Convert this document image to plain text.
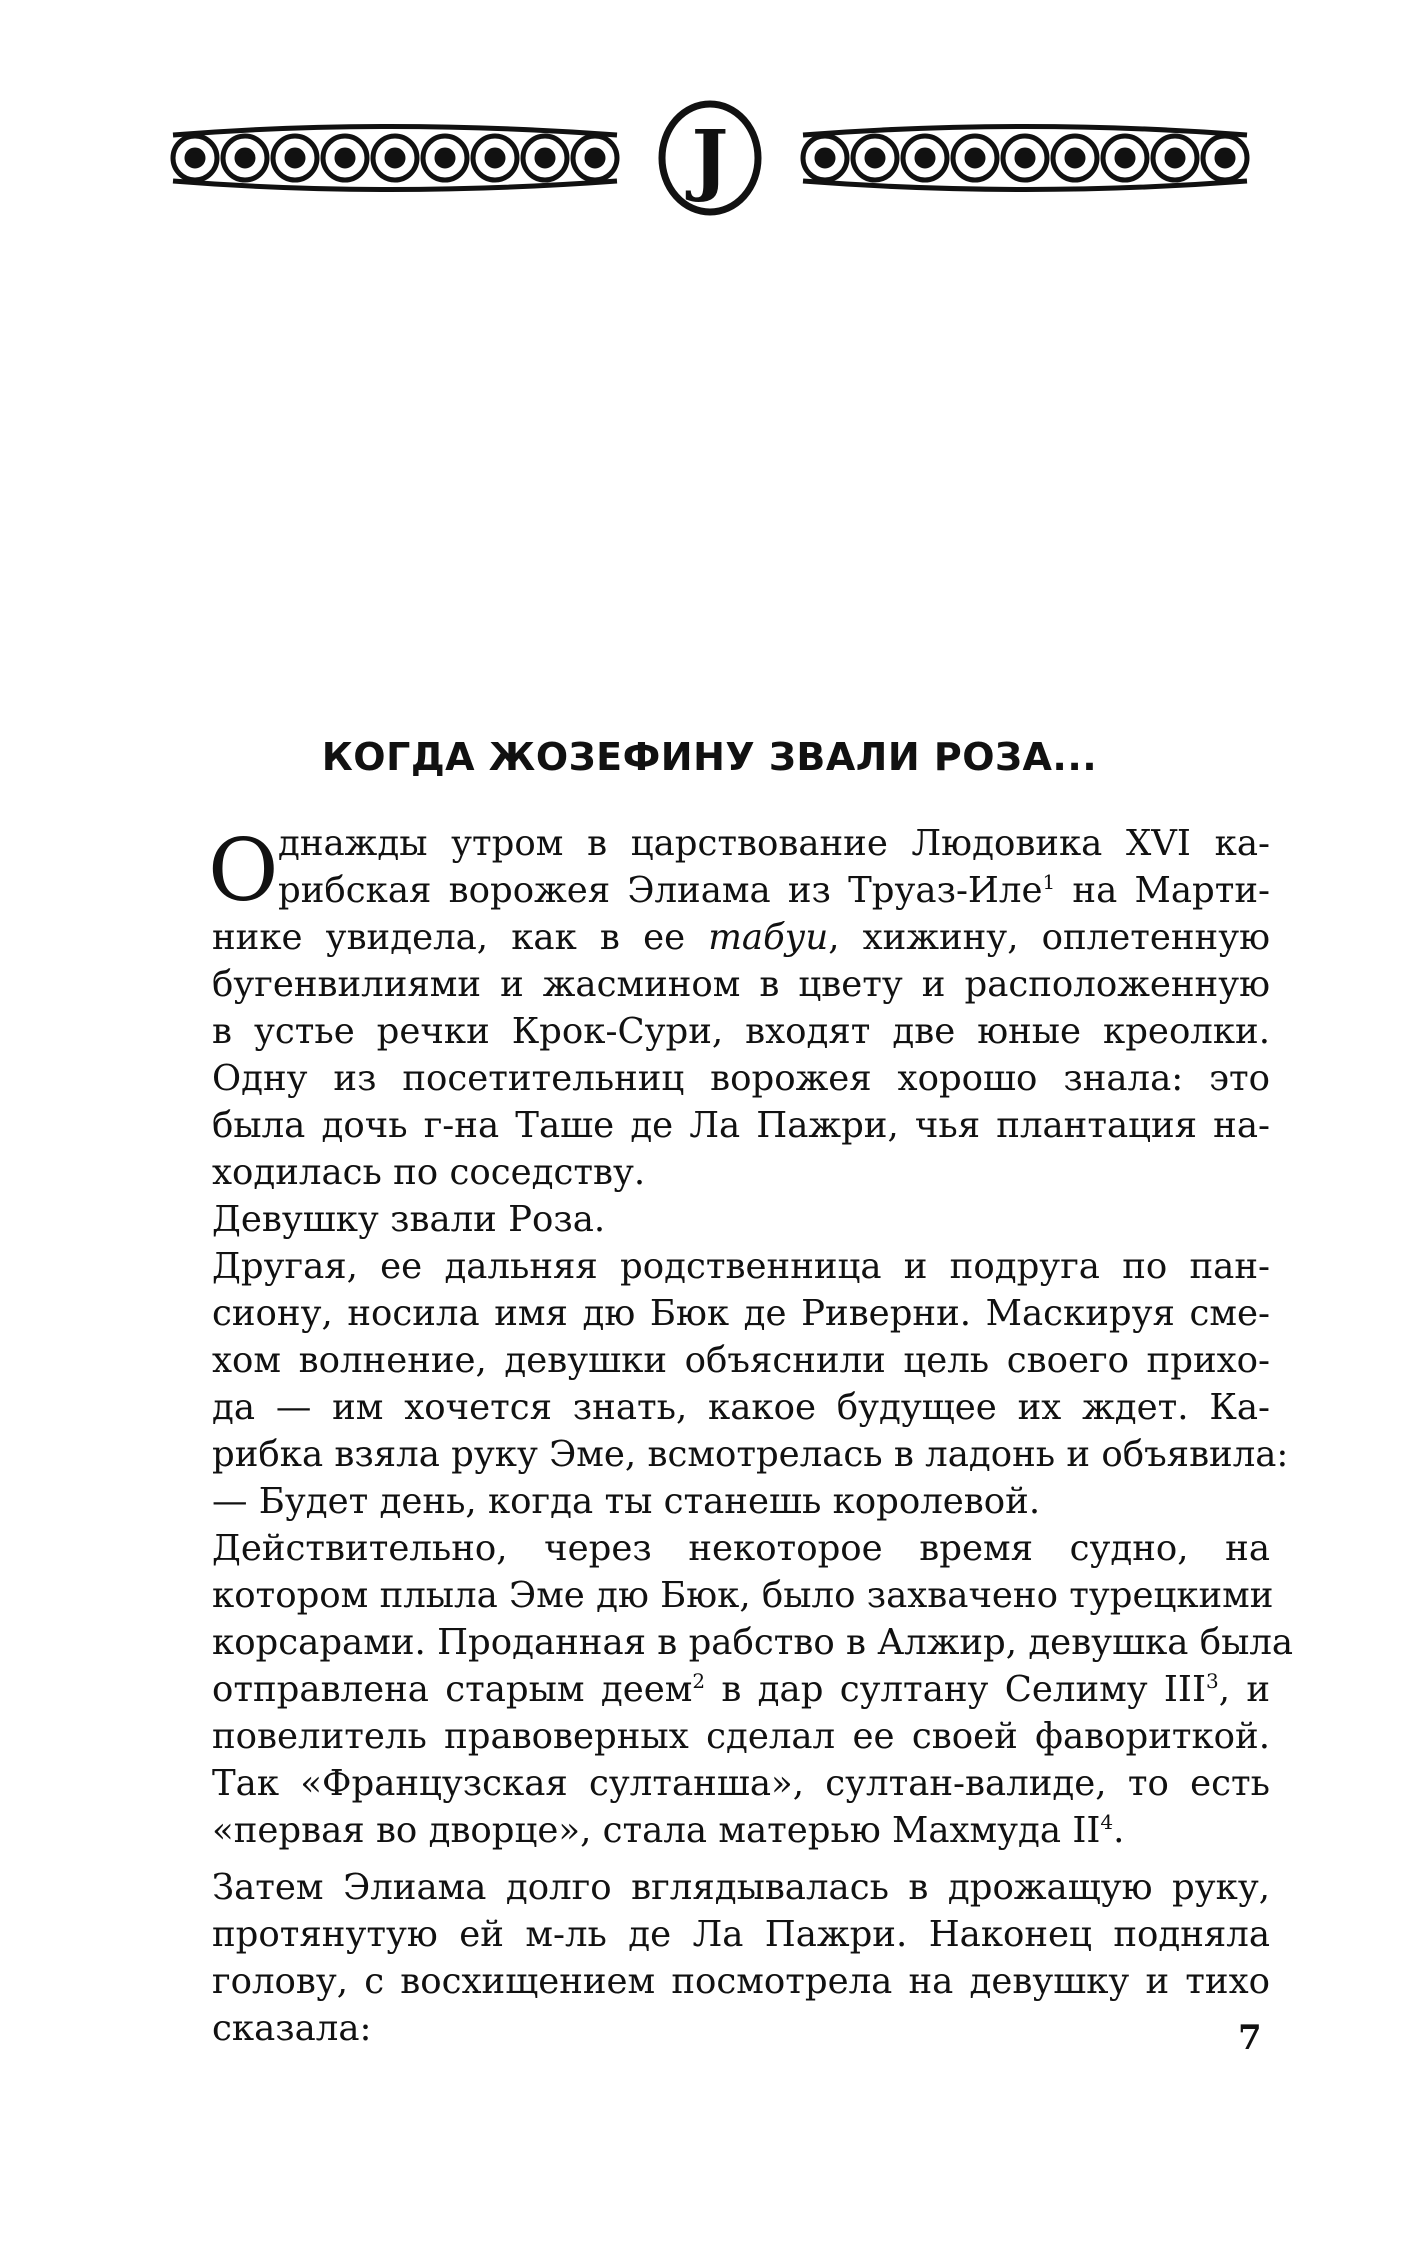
J
КОГДА ЖОЗЕФИНУ ЗВАЛИ РОЗА...
О днажды утром в царствование Людовика XVI ка-
рибская ворожея Элиама из Труаз-Иле$^1$ на Марти-
нике увидела, как в ее табуи, хижину, оплетенную
бугенвилиями и жасмином в цвету и расположенную
в устье речки Крок-Сури, входят две юные креолки.
Одну из посетительниц ворожея хорошо знала: это
была дочь г-на Таше де Ла Пажри, чья плантация на-
ходилась по соседству.
Девушку звали Роза.
Другая, ее дальняя родственница и подруга по пан-
сиону, носила имя дю Бюк де Риверни. Маскируя сме-
хом волнение, девушки объяснили цель своего прихо-
да — им хочется знать, какое будущее их ждет. Ка-
рибка взяла руку Эме, всмотрелась в ладонь и объявила:
— Будет день, когда ты станешь королевой.
Действительно, через некоторое время судно, на
котором плыла Эме дю Бюк, было захвачено турецкими
корсарами. Проданная в рабство в Алжир, девушка была
отправлена старым деем$^2$ в дар султану Селиму III$^3$, и
повелитель правоверных сделал ее своей фавориткой.
Так «Французская султанша», султан-валиде, то есть
«первая во дворце», стала матерью Махмуда $II^4$.
Затем Элиама долго вглядывалась в дрожащую руку,
протянутую ей м-ль де Ла Пажри. Наконец подняла
голову, с восхищением посмотрела на девушку и тихо
сказала:	7
